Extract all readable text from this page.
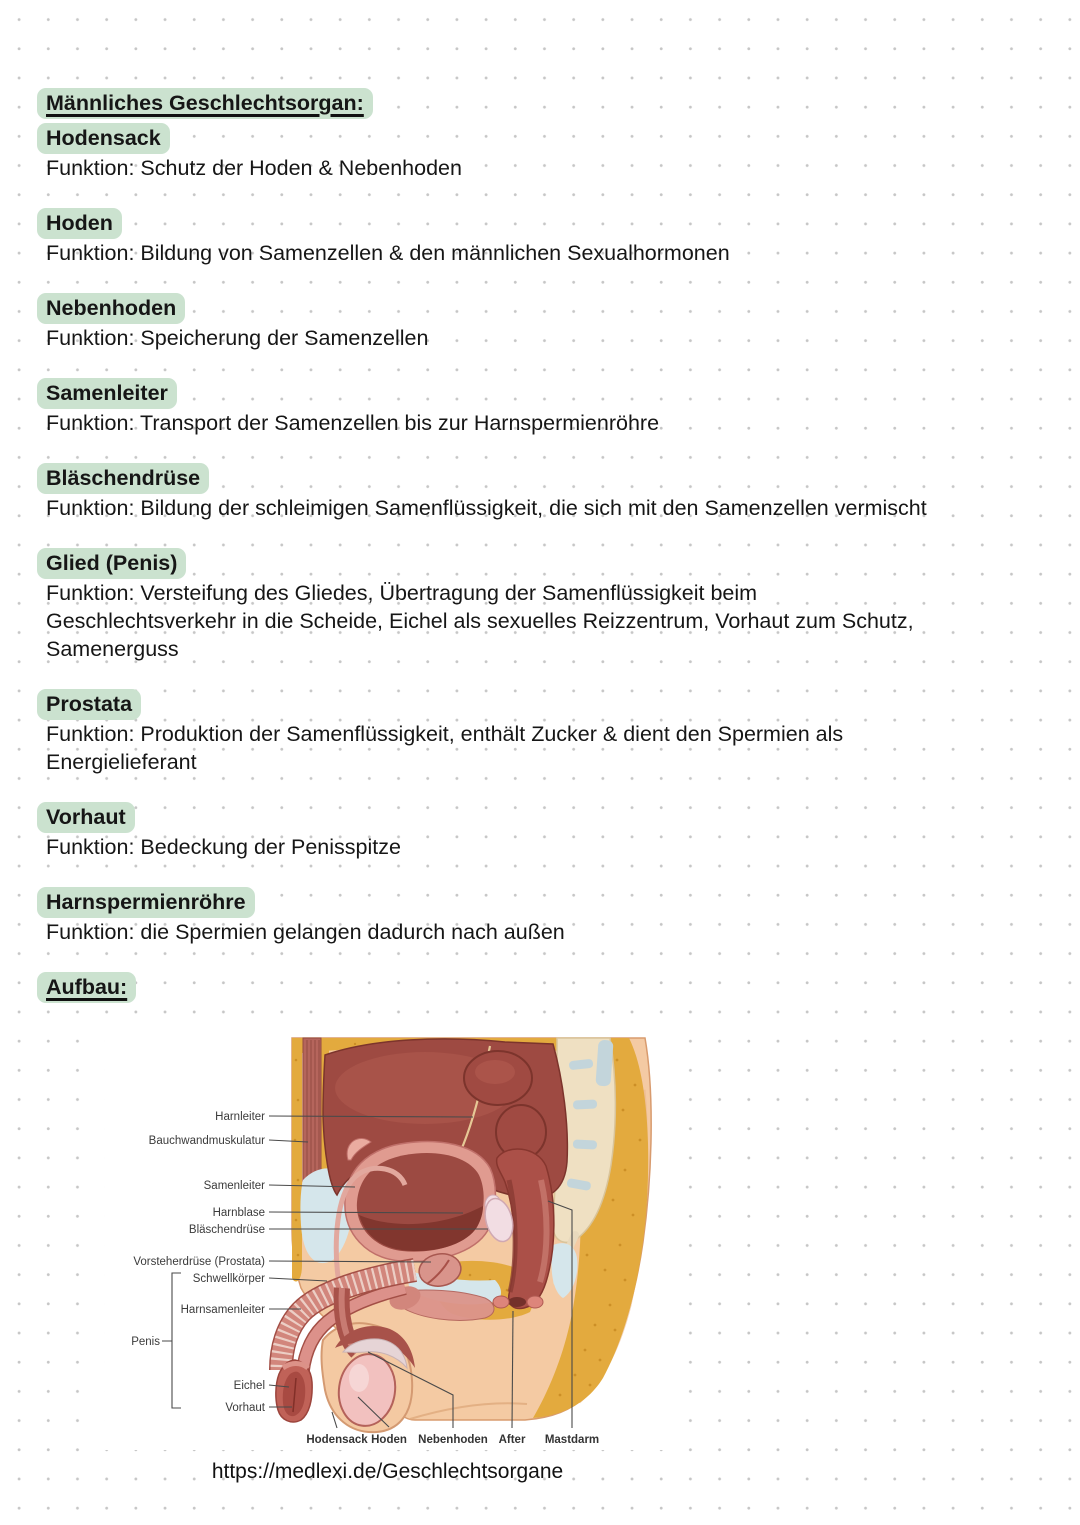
Männliches Geschlechtsorgan:
Hodensack

Funktion: Schutz der Hoden & Nebenhoden

Hoden

Funktion: Bildung von Samenzellen & den männlichen Sexualhormonen

Nebenhoden

Funktion: Speicherung der Samenzellen

Samenleiter

Funktion: Transport der Samenzellen bis zur Harnspermienröhre

Bläschendrüse

Funktion: Bildung der schleimigen Samenflüssigkeit, die sich mit den Samenzellen vermischt

Glied (Penis)

Funktion: Versteifung des Gliedes, Übertragung der Samenflüssigkeit beim Geschlechtsverkehr in die Scheide, Eichel als sexuelles Reizzentrum, Vorhaut zum Schutz, Samenerguss

Prostata

Funktion: Produktion der Samenflüssigkeit, enthält Zucker & dient den Spermien als Energielieferant

Vorhaut

Funktion: Bedeckung der Penisspitze

Harnspermienröhre

Funktion: die Spermien gelangen dadurch nach außen

Aufbau:
Harnleiter
Bauchwandmuskulatur
Samenleiter
Harnblase
Bläschendrüse
Vorsteherdrüse (Prostata)
Schwellkörper
Harnsamenleiter
Penis
Eichel
Vorhaut
Hodensack Hoden Nebenhoden After Mastdarm
https://medlexi.de/Geschlechtsorgane
